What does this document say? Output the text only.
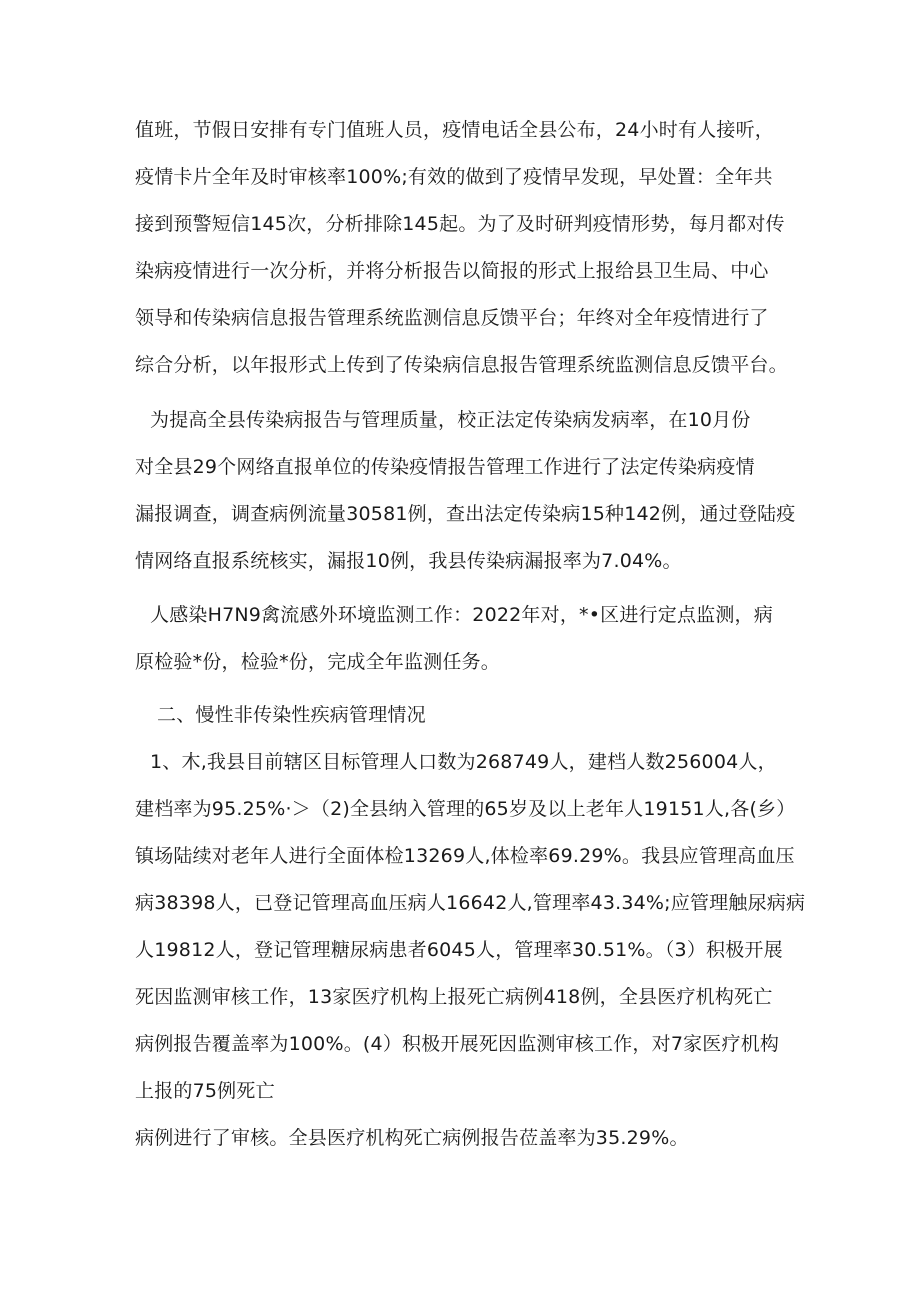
值班，节假日安排有专门值班人员，疫情电话全县公布，24小时有人接听，
疫情卡片全年及时审核率100%;有效的做到了疫情早发现，早处置：全年共
接到预警短信145次，分析排除145起。为了及时研判疫情形势，每月都对传
染病疫情进行一次分析，并将分析报告以简报的形式上报给县卫生局、中心
领导和传染病信息报告管理系统监测信息反馈平台；年终对全年疫情进行了
综合分析，以年报形式上传到了传染病信息报告管理系统监测信息反馈平台。
为提高全县传染病报告与管理质量，校正法定传染病发病率，在10月份
对全县29个网络直报单位的传染疫情报告管理工作进行了法定传染病疫情
漏报调查，调查病例流量30581例，查出法定传染病15种142例，通过登陆疫
情网络直报系统核实，漏报10例，我县传染病漏报率为7.04%。
人感染H7N9禽流感外环境监测工作：2022年对，*•区进行定点监测，病
原检验*份，检验*份，完成全年监测任务。
二、慢性非传染性疾病管理情况
1、木,我县目前辖区目标管理人口数为268749人，建档人数256004人，
建档率为95.25%·＞（2)全县纳入管理的65岁及以上老年人19151人,各(乡）
镇场陆续对老年人进行全面体检13269人,体检率69.29%。我县应管理高血压
病38398人，已登记管理高血压病人16642人,管理率43.34%;应管理触尿病病
人19812人，登记管理糖尿病患者6045人，管理率30.51%。（3）积极开展
死因监测审核工作，13家医疗机构上报死亡病例418例，全县医疗机构死亡
病例报告覆盖率为100%。(4）积极开展死因监测审核工作，对7家医疗机构
上报的75例死亡
病例进行了审核。全县医疗机构死亡病例报告莅盖率为35.29%。
